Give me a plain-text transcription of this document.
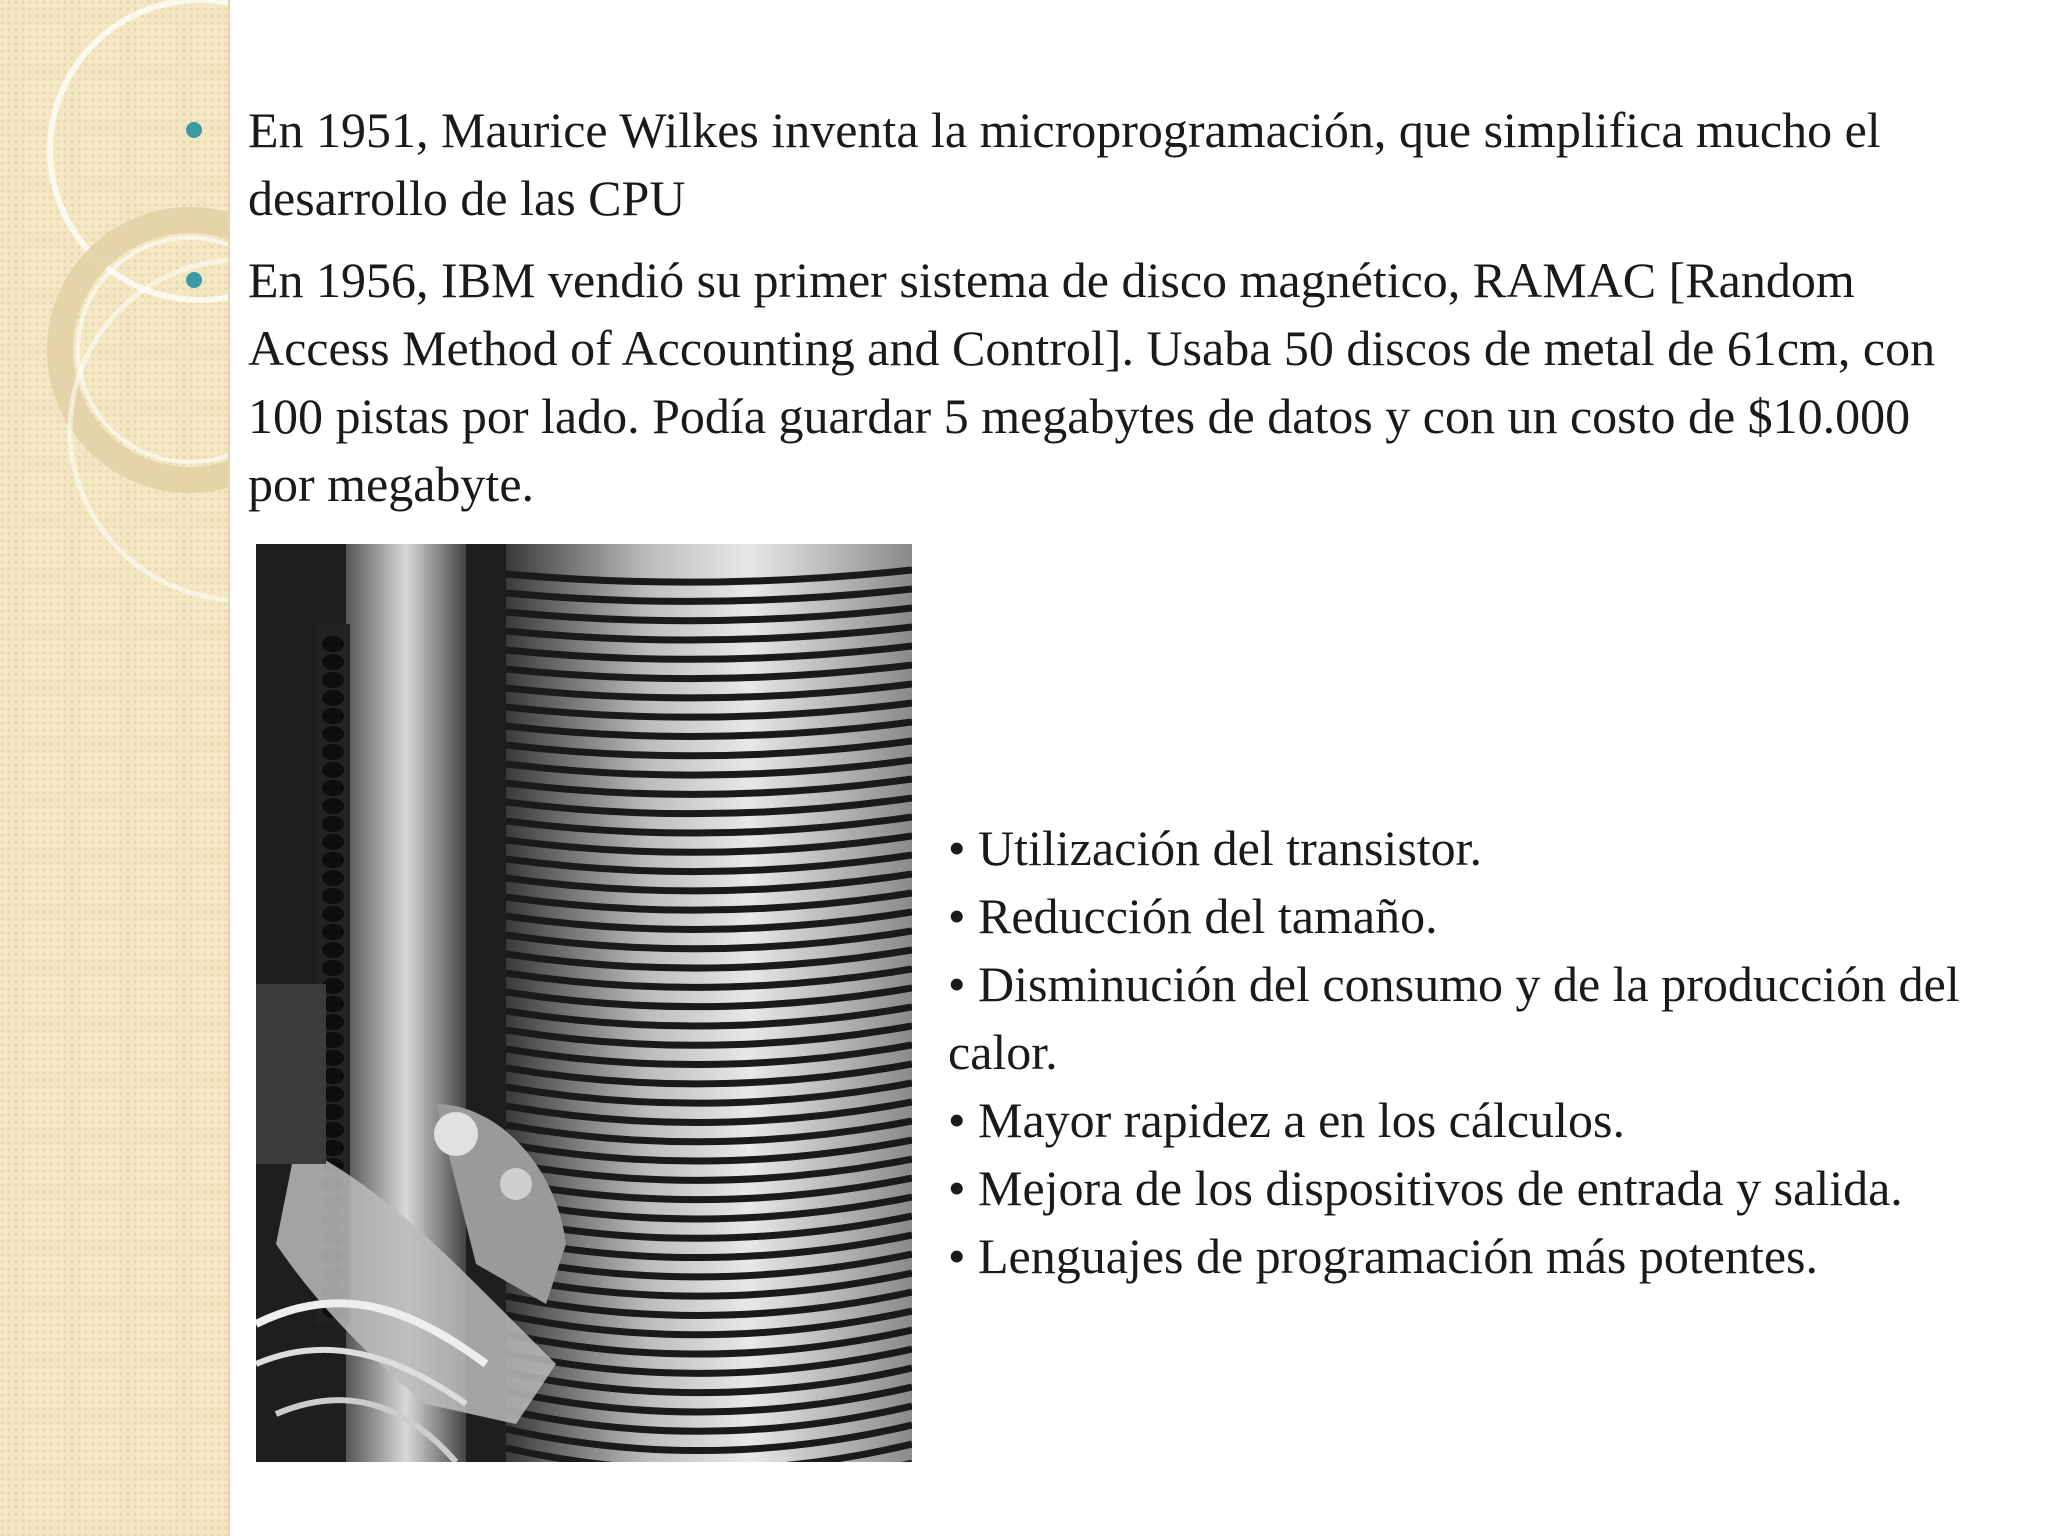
En 1951, Maurice Wilkes inventa la microprogramación, que simplifica mucho el desarrollo de las CPU
En 1956, IBM vendió su primer sistema de disco magnético, RAMAC [Random Access Method of Accounting and Control]. Usaba 50 discos de metal de 61cm, con 100 pistas por lado. Podía guardar 5 megabytes de datos y con un costo de $10.000 por megabyte.
• Utilización del transistor.
• Reducción del tamaño.
• Disminución del consumo y de la producción del calor.
• Mayor rapidez a en los cálculos.
• Mejora de los dispositivos de entrada y salida.
• Lenguajes de programación más potentes.
